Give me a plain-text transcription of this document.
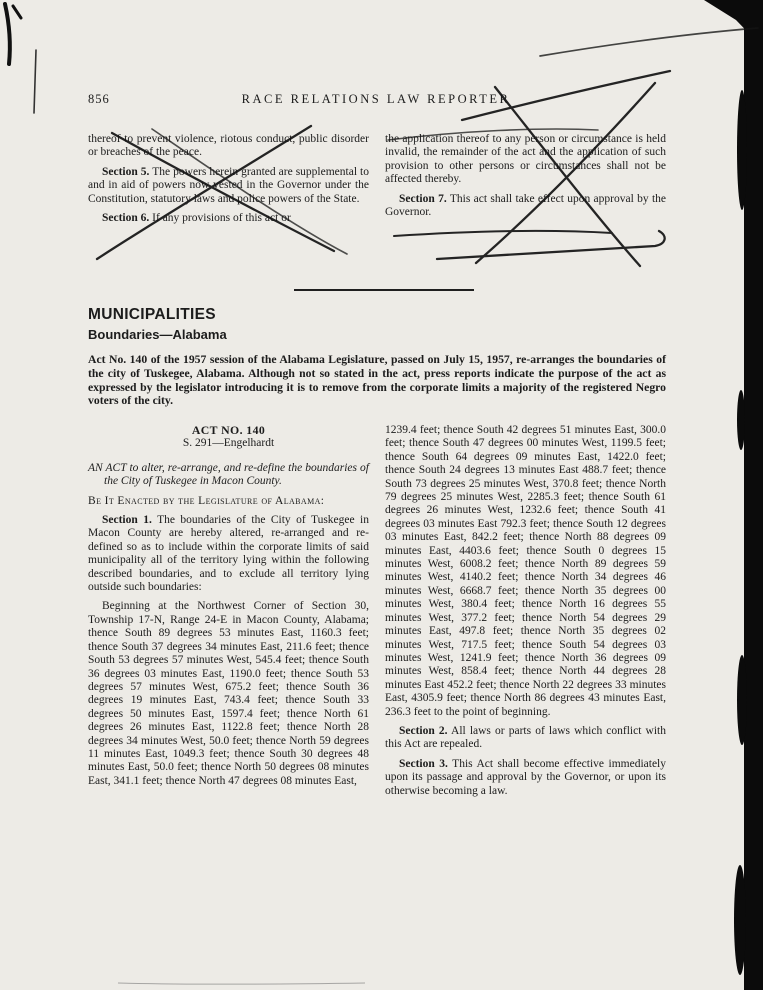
856	RACE RELATIONS LAW REPORTER

thereof to prevent violence, riotous conduct, public disorder or breaches of the peace.

Section 5. The powers herein granted are supplemental to and in aid of powers now vested in the Governor under the Constitution, statutory laws and police powers of the State.

Section 6. If any provisions of this act or

the application thereof to any person or circumstance is held invalid, the remainder of the act and the application of such provision to other persons or circumstances shall not be affected thereby.

Section 7. This act shall take effect upon approval by the Governor.

MUNICIPALITIES
Boundaries—Alabama

Act No. 140 of the 1957 session of the Alabama Legislature, passed on July 15, 1957, re-arranges the boundaries of the city of Tuskegee, Alabama. Although not so stated in the act, press reports indicate the purpose of the act as expressed by the legislator introducing it is to remove from the corporate limits a majority of the registered Negro voters of the city.

ACT NO. 140
S. 291—Engelhardt

AN ACT to alter, re-arrange, and re-define the boundaries of the City of Tuskegee in Macon County.

Be It Enacted by the Legislature of Alabama:

Section 1. The boundaries of the City of Tuskegee in Macon County are hereby altered, re-arranged and re-defined so as to include within the corporate limits of said municipality all of the territory lying within the following described boundaries, and to exclude all territory lying outside such boundaries:

Beginning at the Northwest Corner of Section 30, Township 17-N, Range 24-E in Macon County, Alabama; thence South 89 degrees 53 minutes East, 1160.3 feet; thence South 37 degrees 34 minutes East, 211.6 feet; thence South 53 degrees 57 minutes West, 545.4 feet; thence South 36 degrees 03 minutes East, 1190.0 feet; thence South 53 degrees 57 minutes West, 675.2 feet; thence South 36 degrees 19 minutes East, 743.4 feet; thence South 33 degrees 50 minutes East, 1597.4 feet; thence North 61 degrees 26 minutes East, 1122.8 feet; thence North 28 degrees 34 minutes West, 50.0 feet; thence North 59 degrees 11 minutes East, 1049.3 feet; thence South 30 degrees 48 minutes East, 50.0 feet; thence North 50 degrees 08 minutes East, 341.1 feet; thence North 47 degrees 08 minutes East,

1239.4 feet; thence South 42 degrees 51 minutes East, 300.0 feet; thence South 47 degrees 00 minutes West, 1199.5 feet; thence South 64 degrees 09 minutes East, 1422.0 feet; thence South 24 degrees 13 minutes East 488.7 feet; thence South 73 degrees 25 minutes West, 370.8 feet; thence North 79 degrees 25 minutes West, 2285.3 feet; thence South 61 degrees 26 minutes West, 1232.6 feet; thence South 41 degrees 03 minutes East 792.3 feet; thence South 12 degrees 03 minutes East, 842.2 feet; thence North 88 degrees 09 minutes East, 4403.6 feet; thence South 0 degrees 15 minutes West, 6008.2 feet; thence North 89 degrees 59 minutes West, 4140.2 feet; thence North 34 degrees 46 minutes West, 6668.7 feet; thence North 35 degrees 00 minutes West, 380.4 feet; thence North 16 degrees 55 minutes West, 377.2 feet; thence North 54 degrees 29 minutes East, 497.8 feet; thence North 35 degrees 02 minutes West, 717.5 feet; thence South 54 degrees 03 minutes West, 1241.9 feet; thence North 36 degrees 09 minutes West, 858.4 feet; thence North 44 degrees 28 minutes East 452.2 feet; thence North 22 degrees 33 minutes East, 4305.9 feet; thence North 86 degrees 43 minutes East, 236.3 feet to the point of beginning.

Section 2. All laws or parts of laws which conflict with this Act are repealed.

Section 3. This Act shall become effective immediately upon its passage and approval by the Governor, or upon its otherwise becoming a law.
